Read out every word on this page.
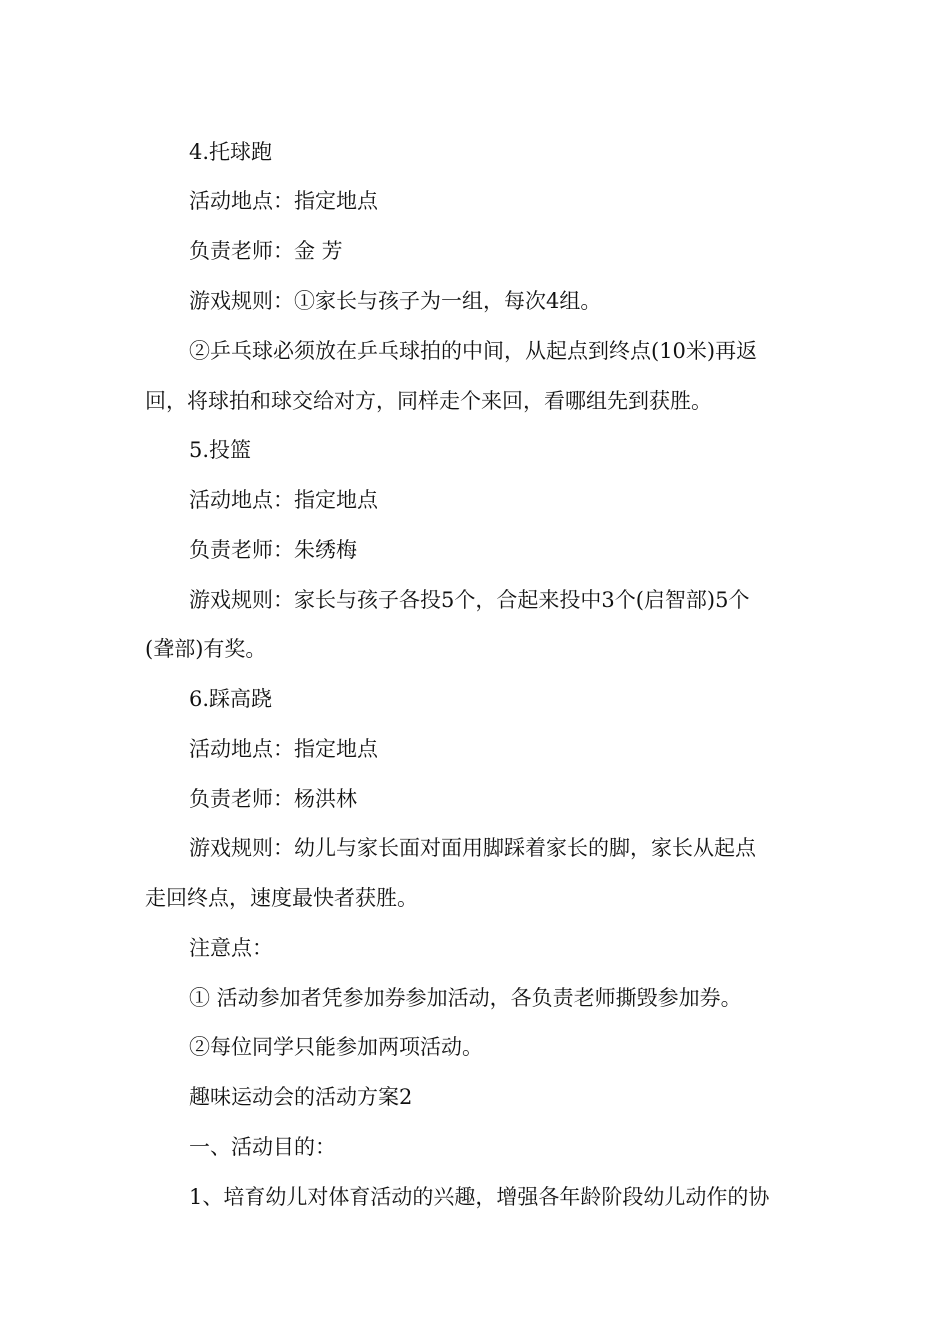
4.托球跑
活动地点：指定地点
负责老师：金 芳
游戏规则：①家长与孩子为一组，每次4组。
②乒乓球必须放在乒乓球拍的中间，从起点到终点(10米)再返
回，将球拍和球交给对方，同样走个来回，看哪组先到获胜。
5.投篮
活动地点：指定地点
负责老师：朱绣梅
游戏规则：家长与孩子各投5个，合起来投中3个(启智部)5个
(聋部)有奖。
6.踩高跷
活动地点：指定地点
负责老师：杨洪林
游戏规则：幼儿与家长面对面用脚踩着家长的脚，家长从起点
走回终点，速度最快者获胜。
注意点：
① 活动参加者凭参加券参加活动，各负责老师撕毁参加券。
②每位同学只能参加两项活动。
趣味运动会的活动方案2
一、活动目的：
1、培育幼儿对体育活动的兴趣，增强各年龄阶段幼儿动作的协
